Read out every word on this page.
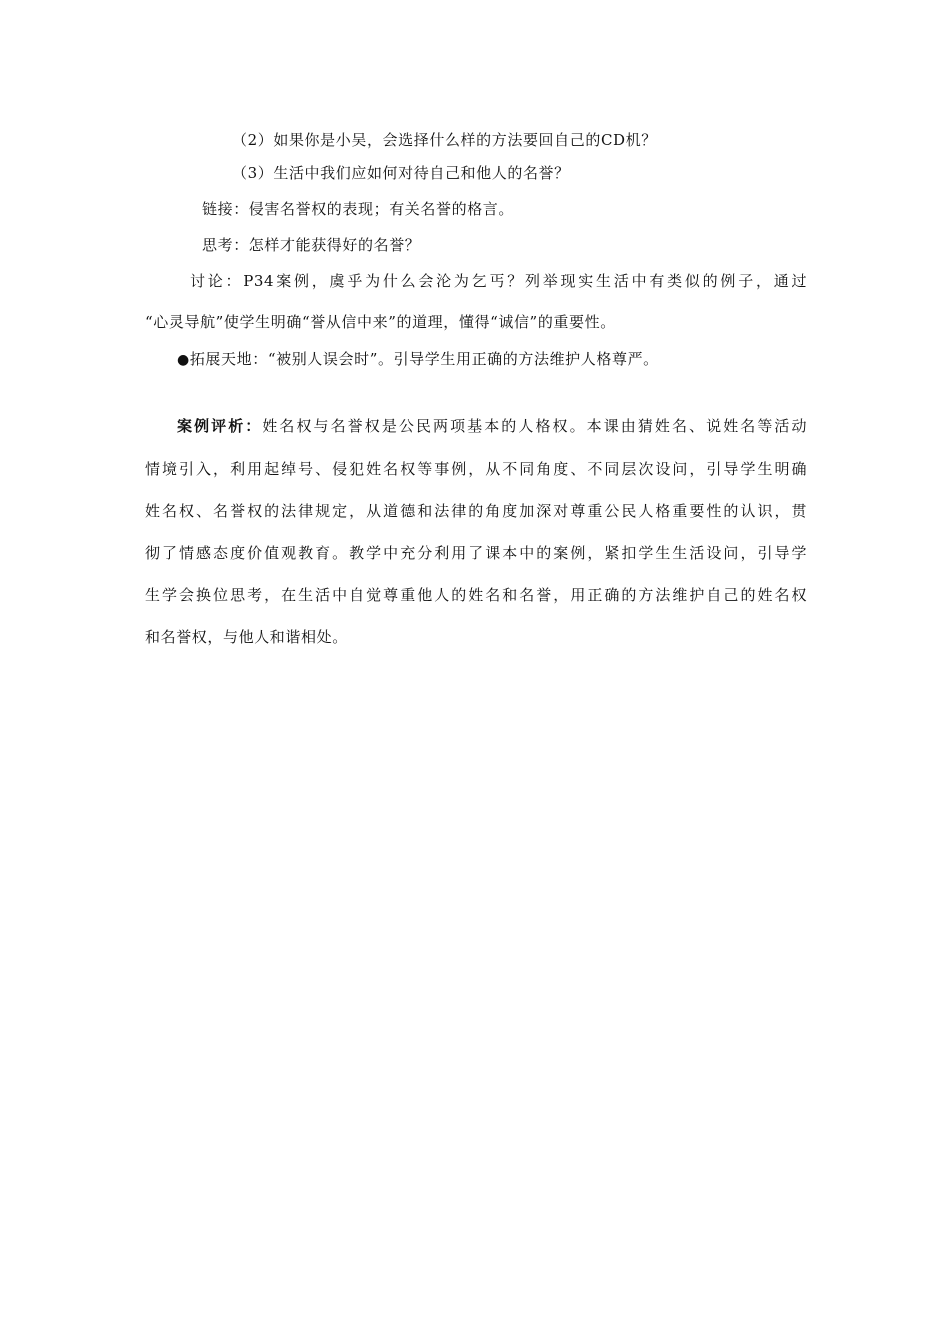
（2）如果你是小吴，会选择什么样的方法要回自己的CD机？
（3）生活中我们应如何对待自己和他人的名誉？
链接：侵害名誉权的表现；有关名誉的格言。
思考：怎样才能获得好的名誉？
讨论：P34案例，虞乎为什么会沦为乞丐？列举现实生活中有类似的例子，通过
“心灵导航”使学生明确“誉从信中来”的道理，懂得“诚信”的重要性。
●拓展天地：“被别人误会时”。引导学生用正确的方法维护人格尊严。
案例评析：姓名权与名誉权是公民两项基本的人格权。本课由猜姓名、说姓名等活动
情境引入，利用起绰号、侵犯姓名权等事例，从不同角度、不同层次设问，引导学生明确
姓名权、名誉权的法律规定，从道德和法律的角度加深对尊重公民人格重要性的认识，贯
彻了情感态度价值观教育。教学中充分利用了课本中的案例，紧扣学生生活设问，引导学
生学会换位思考，在生活中自觉尊重他人的姓名和名誉，用正确的方法维护自己的姓名权
和名誉权，与他人和谐相处。
